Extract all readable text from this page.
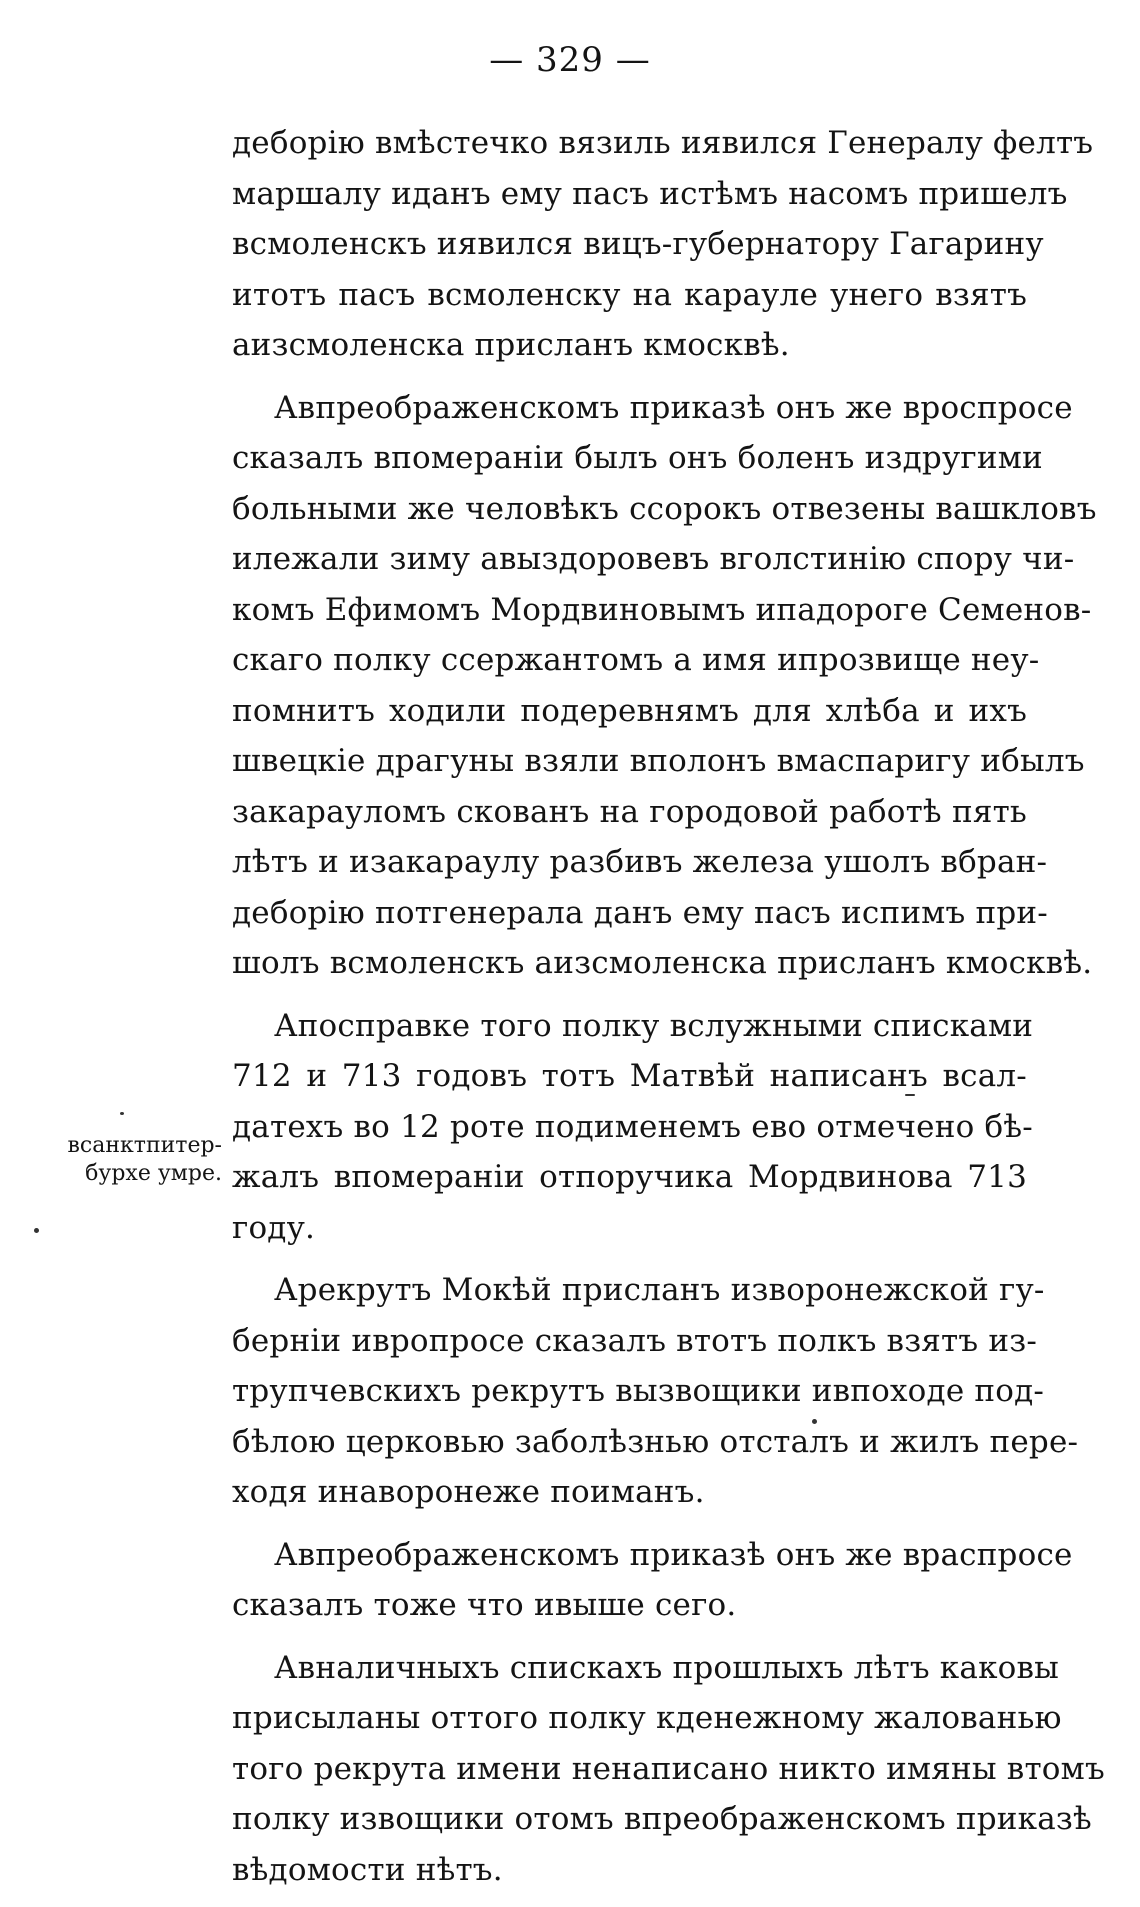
— 329 —

деборію вмѣстечко вязиль иявился Генералу фелтъ
маршалу иданъ ему пасъ истѣмъ насомъ пришелъ
всмоленскъ иявился вицъ-губернатору Гагарину
итотъ пасъ всмоленску на карауле унего взятъ
аизсмоленска присланъ кмосквѣ.

Авпреображенскомъ приказѣ онъ же вроспросе
сказалъ впомераніи былъ онъ боленъ издругими
больными же человѣкъ ссорокъ отвезены вашкловъ
илежали зиму авыздоровевъ вголстинію спору чи-
комъ Ефимомъ Мордвиновымъ ипадороге Семенов-
скаго полку ссержантомъ а имя ипрозвище неу-
помнитъ ходили подеревнямъ для хлѣба и ихъ
швецкіе драгуны взяли вполонъ вмаспаригу ибылъ
закарауломъ скованъ на городовой работѣ пять
лѣтъ и изакараулу разбивъ железа ушолъ вбран-
деборію потгенерала данъ ему пасъ испимъ при-
шолъ всмоленскъ аизсмоленска присланъ кмосквѣ.

Апосправке того полку вслужными списками
712 и 713 годовъ тотъ Матвѣй написанъ всал-
датехъ во 12 роте подименемъ ево отмечено бѣ-
жалъ впомераніи отпоручика Мордвинова 713
году.

Арекрутъ Мокѣй присланъ изворонежской гу-
берніи ивропросе сказалъ втотъ полкъ взятъ из-
трупчевскихъ рекрутъ вызвощики ивпоходе под-
бѣлою церковью заболѣзнью отсталъ и жилъ пере-
ходя инаворонеже поиманъ.

Авпреображенскомъ приказѣ онъ же враспросе
сказалъ тоже что ивыше сего.

Авналичныхъ спискахъ прошлыхъ лѣтъ каковы
присыланы оттого полку кденежному жалованью
того рекрута имени ненаписано никто имяны втомъ
полку извощики отомъ впреображенскомъ приказѣ
вѣдомости нѣтъ.

всанктпитер-
бурхе умре.
